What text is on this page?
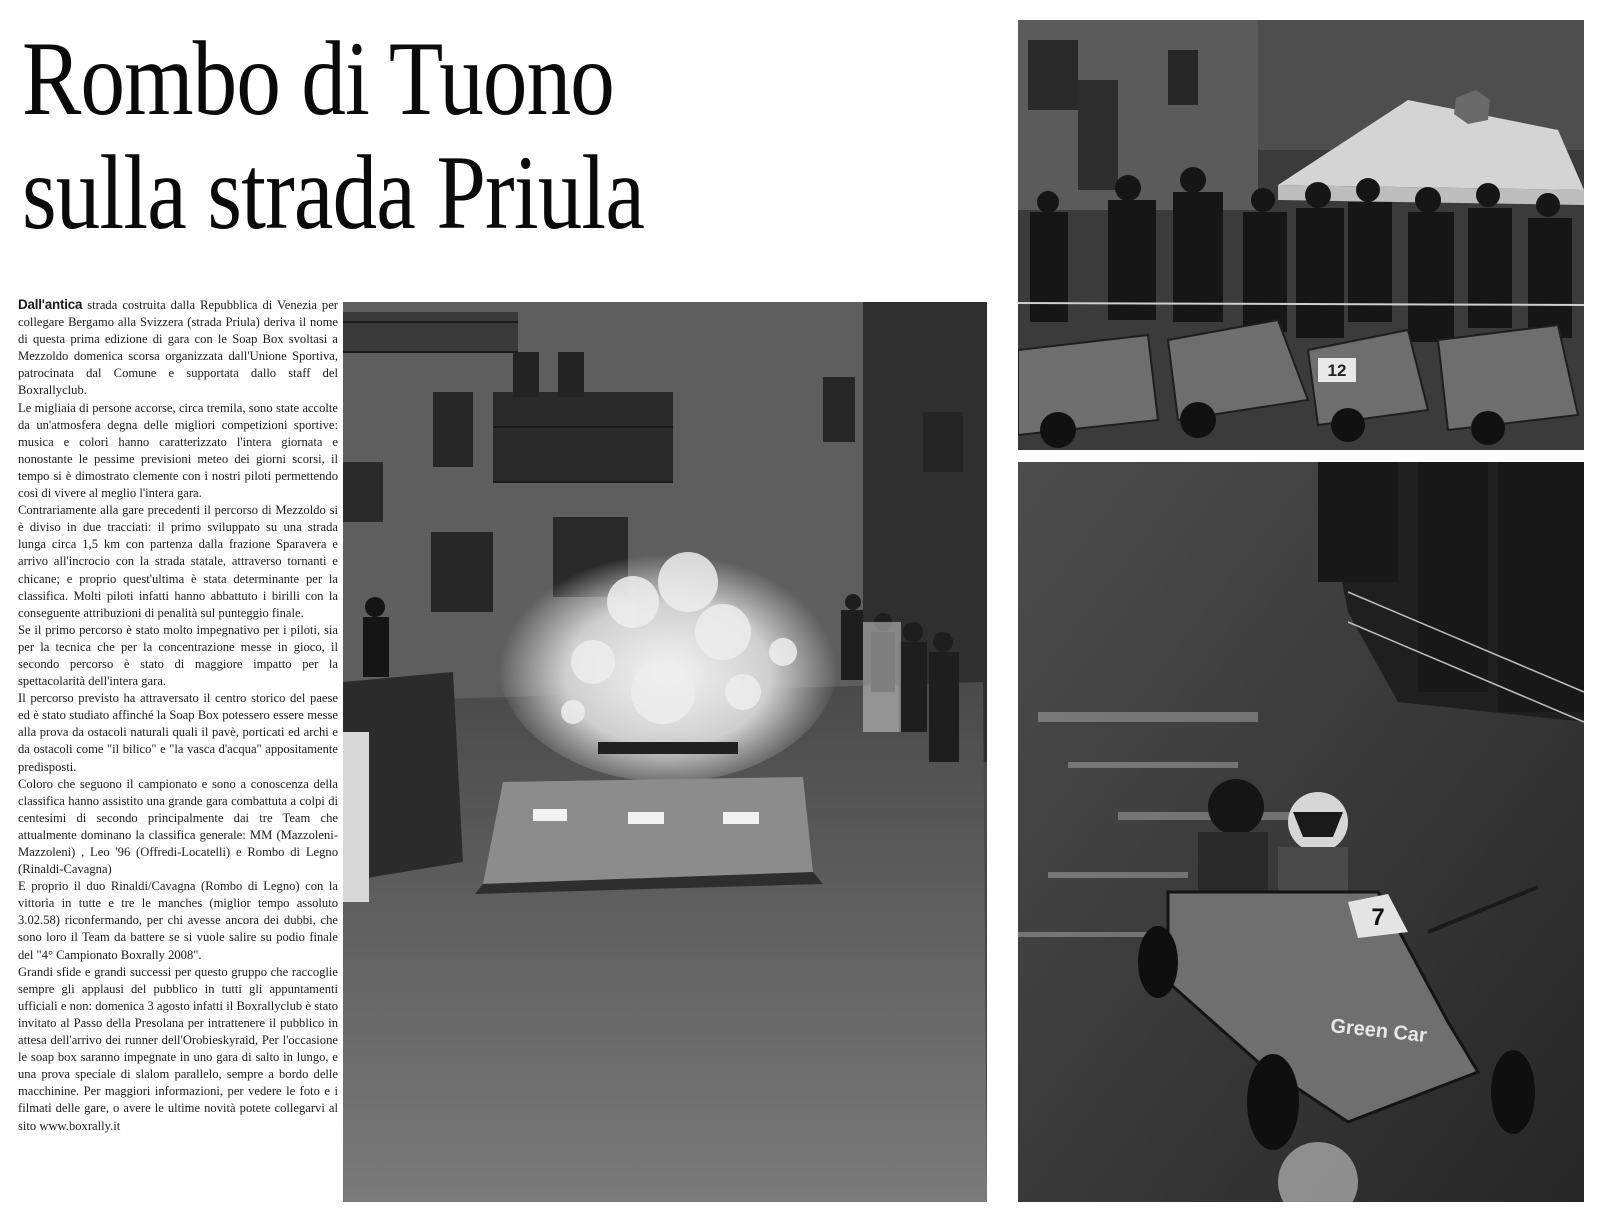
Rombo di Tuono
sulla strada Priula

Dall'antica strada costruita dalla Repubblica di Venezia per collegare Bergamo alla Svizzera (strada Priula) deriva il nome di questa prima edizione di gara con le Soap Box svoltasi a Mezzoldo domenica scorsa organizzata dall'Unione Sportiva, patrocinata dal Comune e supportata dallo staff del Boxrallyclub.

Le migliaia di persone accorse, circa tremila, sono state accolte da un'atmosfera degna delle migliori competizioni sportive: musica e colori hanno caratterizzato l'intera giornata e nonostante le pessime previsioni meteo dei giorni scorsi, il tempo si è dimostrato clemente con i nostri piloti permettendo così di vivere al meglio l'intera gara.

Contrariamente alla gare precedenti il percorso di Mezzoldo si è diviso in due tracciati: il primo sviluppato su una strada lunga circa 1,5 km con partenza dalla frazione Sparavera e arrivo all'incrocio con la strada statale, attraverso tornanti e chicane; e proprio quest'ultima è stata determinante per la classifica. Molti piloti infatti hanno abbattuto i birilli con la conseguente attribuzioni di penalità sul punteggio finale.

Se il primo percorso è stato molto impegnativo per i piloti, sia per la tecnica che per la concentrazione messe in gioco, il secondo percorso è stato di maggiore impatto per la spettacolarità dell'intera gara.

Il percorso previsto ha attraversato il centro storico del paese ed è stato studiato affinché la Soap Box potessero essere messe alla prova da ostacoli naturali quali il pavè, porticati ed archi e da ostacoli come "il bilico" e "la vasca d'acqua" appositamente predisposti.

Coloro che seguono il campionato e sono a conoscenza della classifica hanno assistito una grande gara combattuta a colpi di centesimi di secondo principalmente dai tre Team che attualmente dominano la classifica generale: MM (Mazzoleni-Mazzoleni) , Leo '96 (Offredi-Locatelli) e Rombo di Legno (Rinaldi-Cavagna)

E proprio il duo Rinaldi/Cavagna (Rombo di Legno) con la vittoria in tutte e tre le manches (miglior tempo assoluto 3.02.58) riconfermando, per chi avesse ancora dei dubbi, che sono loro il Team da battere se si vuole salire su podio finale del "4° Campionato Boxrally 2008".

Grandi sfide e grandi successi per questo gruppo che raccoglie sempre gli applausi del pubblico in tutti gli appuntamenti ufficiali e non: domenica 3 agosto infatti il Boxrallyclub è stato invitato al Passo della Presolana per intrattenere il pubblico in attesa dell'arrivo dei runner dell'Orobieskyraid, Per l'occasione le soap box saranno impegnate in uno gara di salto in lungo, e una prova speciale di slalom parallelo, sempre a bordo delle macchinine. Per maggiori informazioni, per vedere le foto e i filmati delle gare, o avere le ultime novità potete collegarvi al sito www.boxrally.it

12
7
Green Car
